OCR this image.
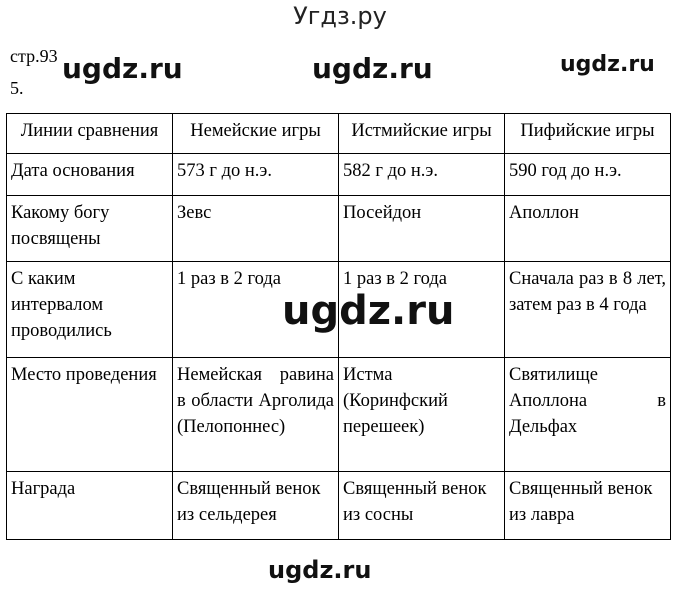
Угдз.ру
стр.93
5.
ugdz.ru	ugdz.ru	ugdz.ru
Линии сравнения	Немейские игры	Истмийские игры	Пифийские игры
Дата основания	573 г до н.э.	582 г до н.э.	590 год до н.э.
Какому богу посвящены	Зевс	Посейдон	Аполлон
С каким интервалом проводились	1 раз в 2 года	1 раз в 2 года	Сначала раз в 8 лет, затем раз в 4 года
Место проведения	Немейская равина в области Арголида (Пелопоннес)	Истма (Коринфский перешеек)	Святилище Аполлона в Дельфах
Награда	Священный венок из сельдерея	Священный венок из сосны	Священный венок из лавра
ugdz.ru
ugdz.ru
